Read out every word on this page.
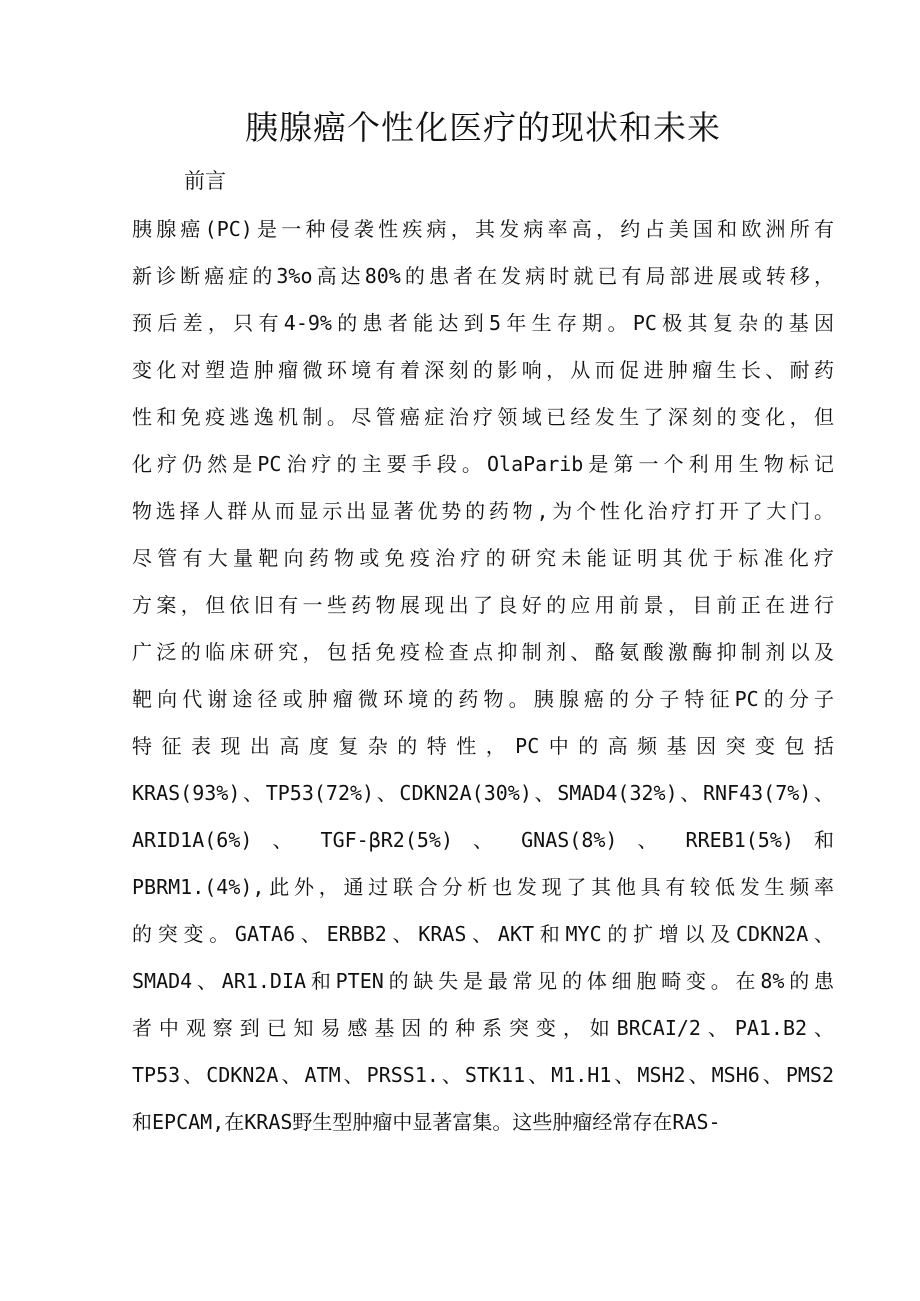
胰腺癌个性化医疗的现状和未来
前言
胰腺癌(PC)是一种侵袭性疾病，其发病率高，约占美国和欧洲所有
新诊断癌症的3%o高达80%的患者在发病时就已有局部进展或转移，
预后差，只有4-9%的患者能达到5年生存期。PC极其复杂的基因
变化对塑造肿瘤微环境有着深刻的影响，从而促进肿瘤生长、耐药
性和免疫逃逸机制。尽管癌症治疗领域已经发生了深刻的变化，但
化疗仍然是PC治疗的主要手段。OlaParib是第一个利用生物标记
物选择人群从而显示出显著优势的药物,为个性化治疗打开了大门。
尽管有大量靶向药物或免疫治疗的研究未能证明其优于标准化疗
方案，但依旧有一些药物展现出了良好的应用前景，目前正在进行
广泛的临床研究，包括免疫检查点抑制剂、酪氨酸激酶抑制剂以及
靶向代谢途径或肿瘤微环境的药物。胰腺癌的分子特征PC的分子
特征表现出高度复杂的特性，PC中的高频基因突变包括
KRAS(93%)、TP53(72%)、CDKN2A(30%)、SMAD4(32%)、RNF43(7%)、
ARID1A(6%) 、 TGF-βR2(5%) 、 GNAS(8%) 、 RREB1(5%) 和
PBRM1.(4%),此外，通过联合分析也发现了其他具有较低发生频率
的突变。GATA6、ERBB2、KRAS、AKT和MYC的扩增以及CDKN2A、
SMAD4、AR1.DIA和PTEN的缺失是最常见的体细胞畸变。在8%的患
者中观察到已知易感基因的种系突变，如BRCAI/2、PA1.B2、
TP53、CDKN2A、ATM、PRSS1.、STK11、M1.H1、MSH2、MSH6、PMS2
和EPCAM,在KRAS野生型肿瘤中显著富集。这些肿瘤经常存在RAS-
